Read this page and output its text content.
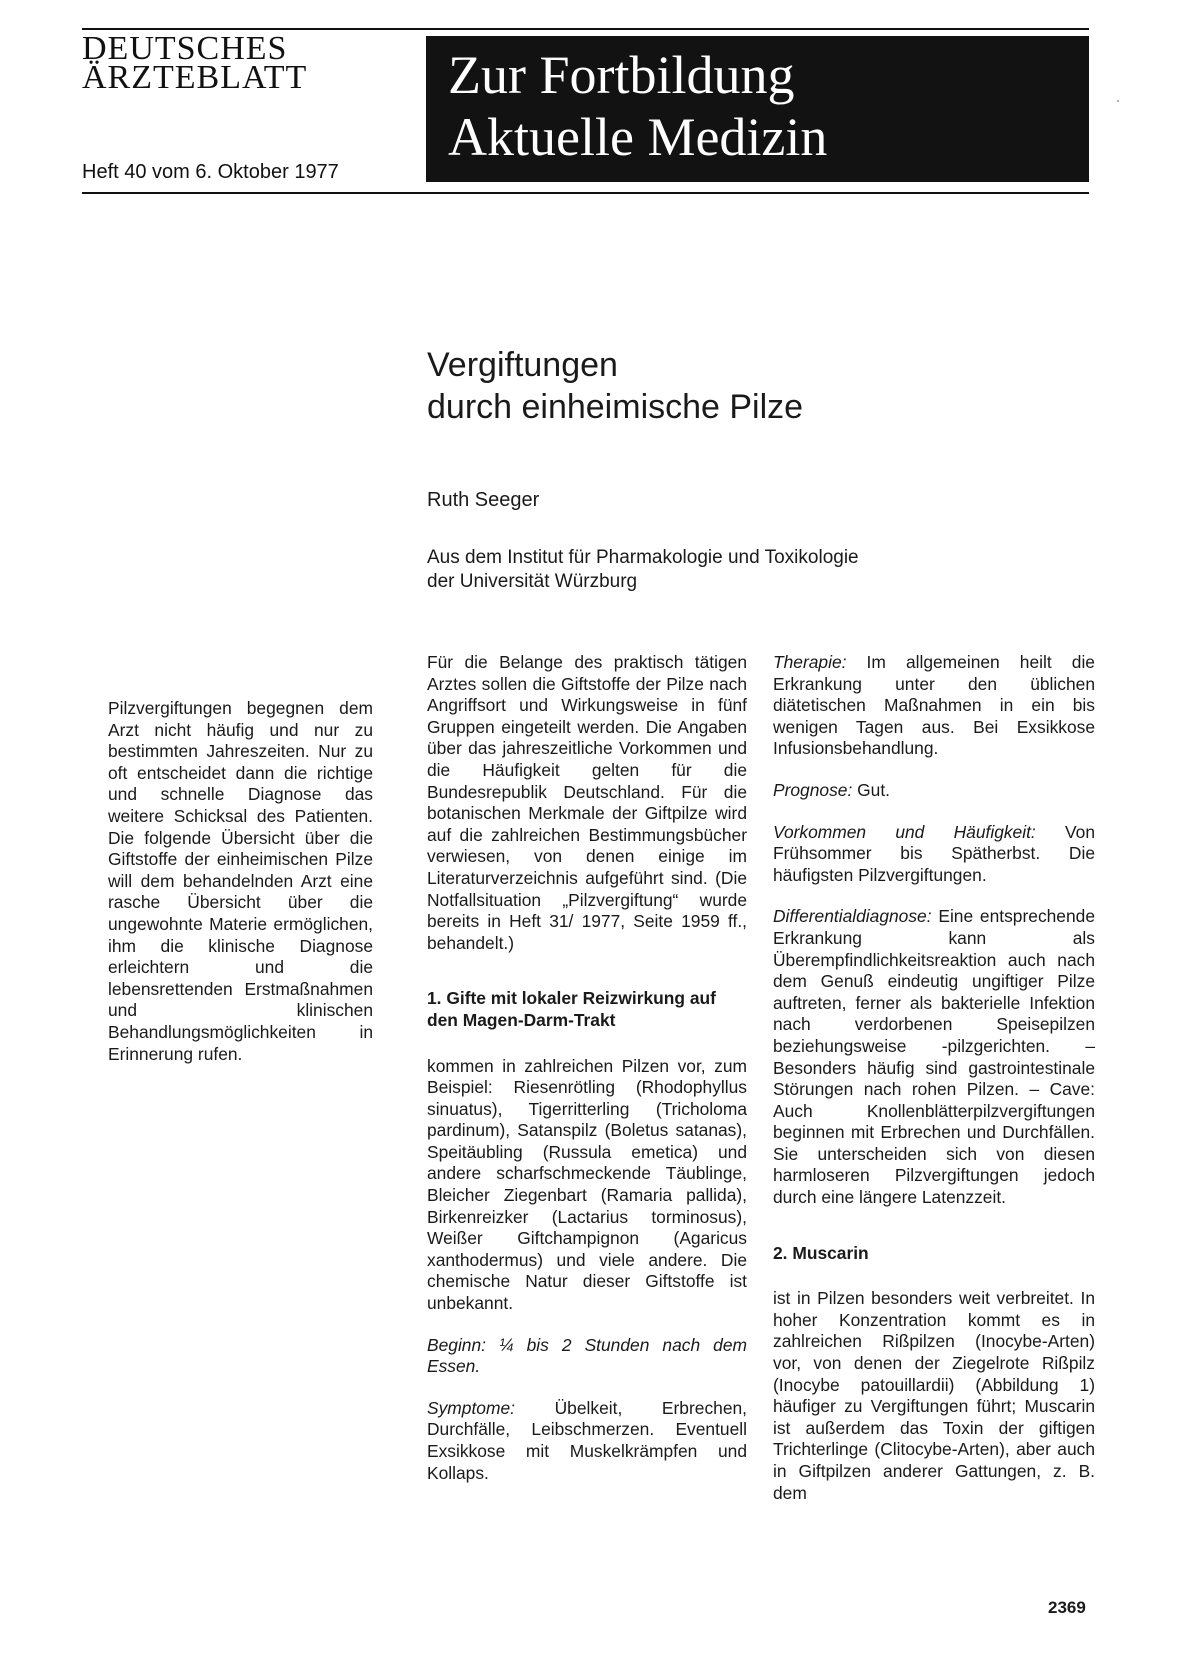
DEUTSCHES
ÄRZTEBLATT
Heft 40 vom 6. Oktober 1977
Zur Fortbildung
Aktuelle Medizin
Vergiftungen
durch einheimische Pilze
Ruth Seeger
Aus dem Institut für Pharmakologie und Toxikologie
der Universität Würzburg

Pilzvergiftungen begegnen dem Arzt nicht häufig und nur zu bestimmten Jahreszeiten. Nur zu oft entscheidet dann die richtige und schnelle Diagnose das weitere Schicksal des Patienten. Die folgende Übersicht über die Giftstoffe der einheimischen Pilze will dem behandelnden Arzt eine rasche Übersicht über die ungewohnte Materie ermöglichen, ihm die klinische Diagnose erleichtern und die lebensrettenden Erstmaßnahmen und klinischen Behandlungsmöglichkeiten in Erinnerung rufen.

Für die Belange des praktisch tätigen Arztes sollen die Giftstoffe der Pilze nach Angriffsort und Wirkungsweise in fünf Gruppen eingeteilt werden. Die Angaben über das jahreszeitliche Vorkommen und die Häufigkeit gelten für die Bundesrepublik Deutschland. Für die botanischen Merkmale der Giftpilze wird auf die zahlreichen Bestimmungsbücher verwiesen, von denen einige im Literaturverzeichnis aufgeführt sind. (Die Notfallsituation „Pilzvergiftung“ wurde bereits in Heft 31/ 1977, Seite 1959 ff., behandelt.)

1. Gifte mit lokaler Reizwirkung auf den Magen-Darm-Trakt

kommen in zahlreichen Pilzen vor, zum Beispiel: Riesenrötling (Rhodophyllus sinuatus), Tigerritterling (Tricholoma pardinum), Satanspilz (Boletus satanas), Speitäubling (Russula emetica) und andere scharfschmeckende Täublinge, Bleicher Ziegenbart (Ramaria pallida), Birkenreizker (Lactarius torminosus), Weißer Giftchampignon (Agaricus xanthodermus) und viele andere. Die chemische Natur dieser Giftstoffe ist unbekannt.

Beginn: ¼ bis 2 Stunden nach dem Essen.

Symptome: Übelkeit, Erbrechen, Durchfälle, Leibschmerzen. Eventuell Exsikkose mit Muskelkrämpfen und Kollaps.

Therapie: Im allgemeinen heilt die Erkrankung unter den üblichen diätetischen Maßnahmen in ein bis wenigen Tagen aus. Bei Exsikkose Infusionsbehandlung.

Prognose: Gut.

Vorkommen und Häufigkeit: Von Frühsommer bis Spätherbst. Die häufigsten Pilzvergiftungen.

Differentialdiagnose: Eine entsprechende Erkrankung kann als Überempfindlichkeitsreaktion auch nach dem Genuß eindeutig ungiftiger Pilze auftreten, ferner als bakterielle Infektion nach verdorbenen Speisepilzen beziehungsweise -pilzgerichten. – Besonders häufig sind gastrointestinale Störungen nach rohen Pilzen. – Cave: Auch Knollenblätterpilzvergiftungen beginnen mit Erbrechen und Durchfällen. Sie unterscheiden sich von diesen harmloseren Pilzvergiftungen jedoch durch eine längere Latenzzeit.

2. Muscarin

ist in Pilzen besonders weit verbreitet. In hoher Konzentration kommt es in zahlreichen Rißpilzen (Inocybe-Arten) vor, von denen der Ziegelrote Rißpilz (Inocybe patouillardii) (Abbildung 1) häufiger zu Vergiftungen führt; Muscarin ist außerdem das Toxin der giftigen Trichterlinge (Clitocybe-Arten), aber auch in Giftpilzen anderer Gattungen, z. B. dem

2369
